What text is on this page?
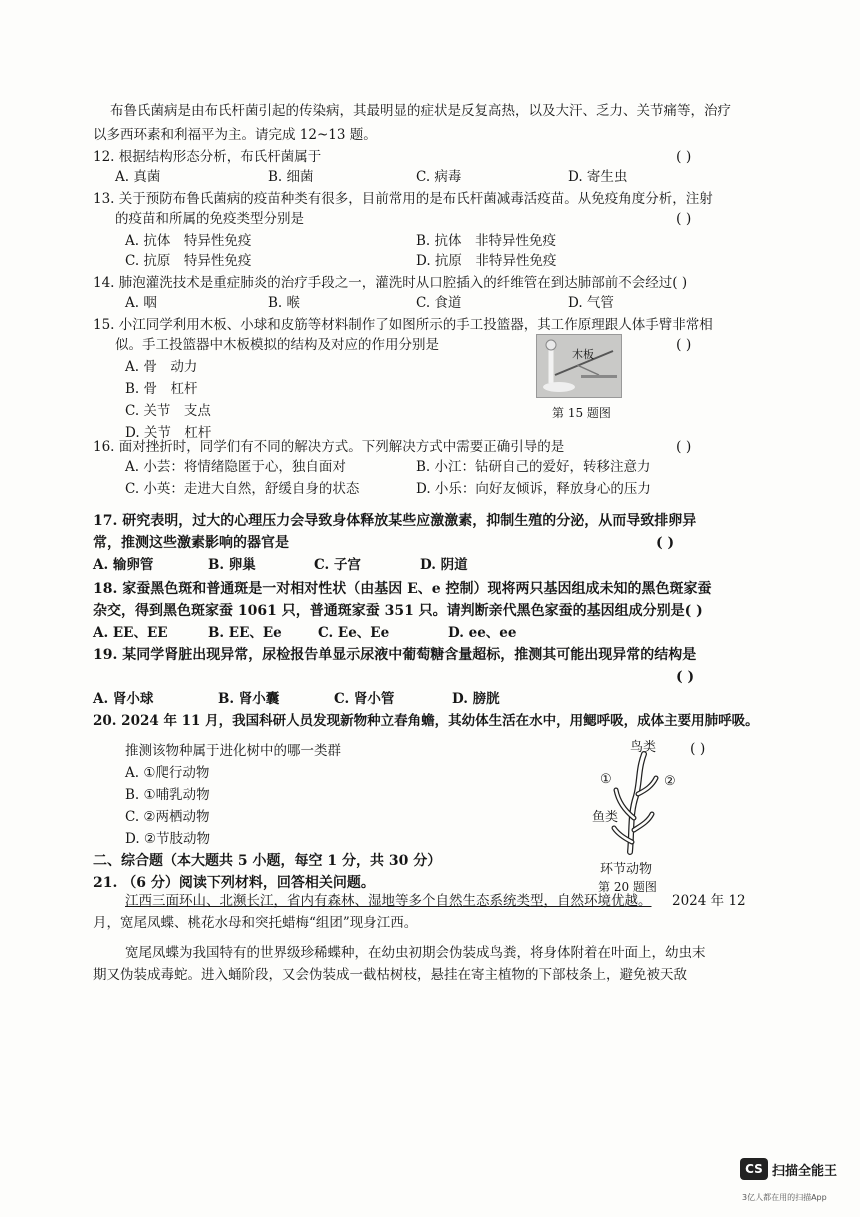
布鲁氏菌病是由布氏杆菌引起的传染病，其最明显的症状是反复高热，以及大汗、乏力、关节痛等，治疗
以多西环素和利福平为主。请完成 12~13 题。
12. 根据结构形态分析，布氏杆菌属于	( )
A. 真菌	B. 细菌	C. 病毒	D. 寄生虫
13. 关于预防布鲁氏菌病的疫苗种类有很多，目前常用的是布氏杆菌减毒活疫苗。从免疫角度分析，注射
的疫苗和所属的免疫类型分别是	( )
A. 抗体　特异性免疫	B. 抗体　非特异性免疫
C. 抗原　特异性免疫	D. 抗原　非特异性免疫
14. 肺泡灌洗技术是重症肺炎的治疗手段之一，灌洗时从口腔插入的纤维管在到达肺部前不会经过( )
A. 咽	B. 喉	C. 食道	D. 气管
15. 小江同学利用木板、小球和皮筋等材料制作了如图所示的手工投篮器，其工作原理跟人体手臂非常相
似。手工投篮器中木板模拟的结构及对应的作用分别是	( )
A. 骨　动力
B. 骨　杠杆
C. 关节　支点
D. 关节　杠杆
木板
第 15 题图
16. 面对挫折时，同学们有不同的解决方式。下列解决方式中需要正确引导的是	( )
A. 小芸：将情绪隐匿于心，独自面对	B. 小江：钻研自己的爱好，转移注意力
C. 小英：走进大自然，舒缓自身的状态	D. 小乐：向好友倾诉，释放身心的压力
17. 研究表明，过大的心理压力会导致身体释放某些应激激素，抑制生殖的分泌，从而导致排卵异
常，推测这些激素影响的器官是	( )
A. 输卵管	B. 卵巢	C. 子宫	D. 阴道
18. 家蚕黑色斑和普通斑是一对相对性状（由基因 E、e 控制）现将两只基因组成未知的黑色斑家蚕
杂交，得到黑色斑家蚕 1061 只，普通斑家蚕 351 只。请判断亲代黑色家蚕的基因组成分别是( )
A. EE、EE	B. EE、Ee	C. Ee、Ee	D. ee、ee
19. 某同学肾脏出现异常，尿检报告单显示尿液中葡萄糖含量超标，推测其可能出现异常的结构是
( )
A. 肾小球	B. 肾小囊	C. 肾小管	D. 膀胱
20. 2024 年 11 月，我国科研人员发现新物种立春角蟾，其幼体生活在水中，用鳃呼吸，成体主要用肺呼吸。
推测该物种属于进化树中的哪一类群	( )
A. ①爬行动物
B. ①哺乳动物
C. ②两栖动物
D. ②节肢动物
鸟类
①	②
鱼类
环节动物
第 20 题图
二、综合题（本大题共 5 小题，每空 1 分，共 30 分）
21. （6 分）阅读下列材料，回答相关问题。
江西三面环山、北濒长江，省内有森林、湿地等多个自然生态系统类型，自然环境优越。 2024 年 12
月，宽尾凤蝶、桃花水母和突托蜡梅“组团”现身江西。
宽尾凤蝶为我国特有的世界级珍稀蝶种，在幼虫初期会伪装成鸟粪，将身体附着在叶面上，幼虫末
期又伪装成毒蛇。进入蛹阶段，又会伪装成一截枯树枝，悬挂在寄主植物的下部枝条上，避免被天敌
CS 扫描全能王
3亿人都在用的扫描App
